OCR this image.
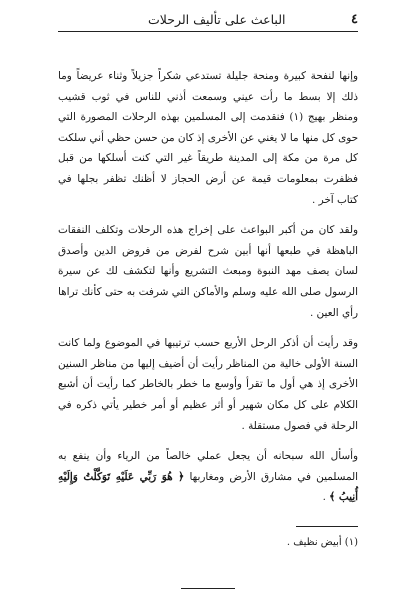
٤
الباعث على تأليف الرحلات

وإنها لنفحة كبيرة ومنحة جليلة تستدعي شكراً جزيلاً وثناء عريضاً وما ذلك إلا بسط ما رأت عيني وسمعت أذني للناس في ثوب قشيب ومنظر بهيج (١) فنقدمت إلى المسلمين بهذه الرحلات المصورة التي حوى كل منها ما لا يغني عن الأخرى إذ كان من حسن حظي أني سلكت كل مرة من مكة إلى المدينة طريقاً غير التي كنت أسلكها من قبل فظفرت بمعلومات قيمة عن أرض الحجاز لا أظنك تظفر بجلها في كتاب آخر .

ولقد كان من أكبر البواعث على إخراج هذه الرحلات وتكلف النفقات الباهظة في طبعها أنها أبين شرح لفرض من فروض الدين وأصدق لسان يصف مهد النبوة ومبعث التشريع وأنها لتكشف لك عن سيرة الرسول صلى الله عليه وسلم والأماكن التي شرفت به حتى كأنك تراها رأي العين .

وقد رأيت أن أذكر الرحل الأربع حسب ترتيبها في الموضوع ولما كانت السنة الأولى خالية من المناظر رأيت أن أضيف إليها من مناظر السنين الأخرى إذ هي أول ما تقرأ وأوسع ما خطر بالخاطر كما رأيت أن أشبع الكلام على كل مكان شهير أو أثر عظيم أو أمر خطير يأتي ذكره في الرحلة في فصول مستقلة .

وأسأل الله سبحانه أن يجعل عملي خالصاً من الرياء وأن ينفع به المسلمين في مشارق الأرض ومغاربها ﴿ هُوَ رَبِّي عَلَيْهِ تَوَكَّلْتُ وَإِلَيْهِ أُنِيبُ ﴾ .

(١) أبيض نظيف .
